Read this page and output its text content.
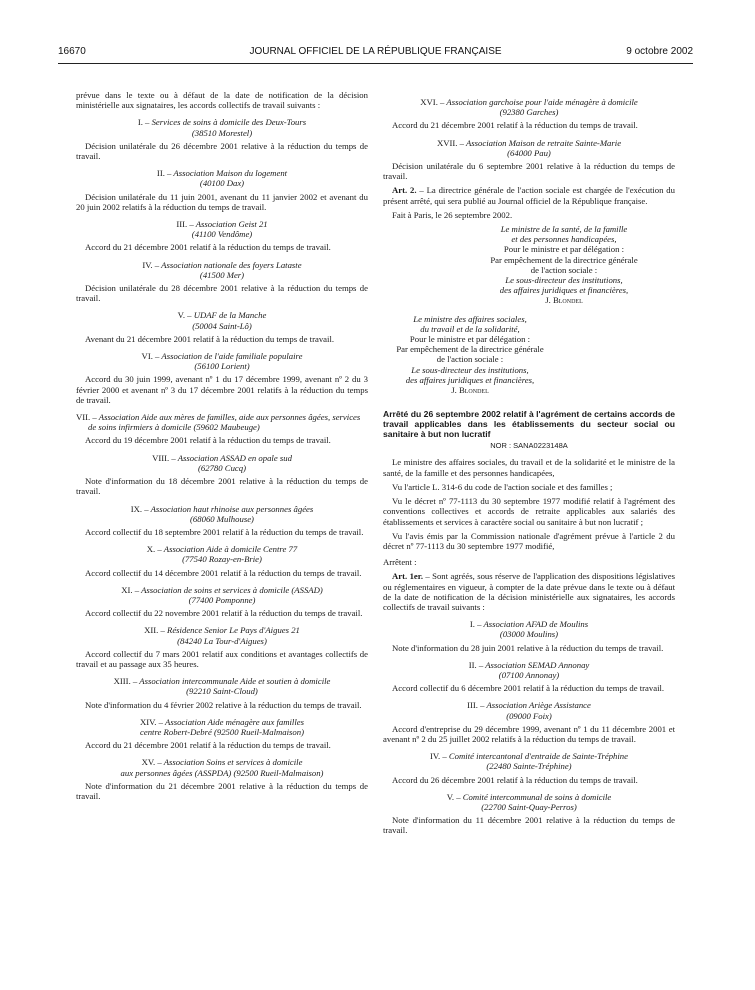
16670	JOURNAL OFFICIEL DE LA RÉPUBLIQUE FRANÇAISE	9 octobre 2002

prévue dans le texte ou à défaut de la date de notification de la décision ministérielle aux signataires, les accords collectifs de travail suivants :

I. – Services de soins à domicile des Deux-Tours
(38510 Morestel)

Décision unilatérale du 26 décembre 2001 relative à la réduction du temps de travail.

II. – Association Maison du logement
(40100 Dax)

Décision unilatérale du 11 juin 2001, avenant du 11 janvier 2002 et avenant du 20 juin 2002 relatifs à la réduction du temps de travail.

III. – Association Geist 21
(41100 Vendôme)

Accord du 21 décembre 2001 relatif à la réduction du temps de travail.

IV. – Association nationale des foyers Lataste
(41500 Mer)

Décision unilatérale du 28 décembre 2001 relative à la réduction du temps de travail.

V. – UDAF de la Manche
(50004 Saint-Lô)

Avenant du 21 décembre 2001 relatif à la réduction du temps de travail.

VI. – Association de l'aide familiale populaire
(56100 Lorient)

Accord du 30 juin 1999, avenant nº 1 du 17 décembre 1999, avenant nº 2 du 3 février 2000 et avenant nº 3 du 17 décembre 2001 relatifs à la réduction du temps de travail.

VII. – Association Aide aux mères de familles, aide aux personnes âgées, services de soins infirmiers à domicile (59602 Maubeuge)

Accord du 19 décembre 2001 relatif à la réduction du temps de travail.

VIII. – Association ASSAD en opale sud
(62780 Cucq)

Note d'information du 18 décembre 2001 relative à la réduction du temps de travail.

IX. – Association haut rhinoise aux personnes âgées
(68060 Mulhouse)

Accord collectif du 18 septembre 2001 relatif à la réduction du temps de travail.

X. – Association Aide à domicile Centre 77
(77540 Rozay-en-Brie)

Accord collectif du 14 décembre 2001 relatif à la réduction du temps de travail.

XI. – Association de soins et services à domicile (ASSAD)
(77400 Pomponne)

Accord collectif du 22 novembre 2001 relatif à la réduction du temps de travail.

XII. – Résidence Senior Le Pays d'Aigues 21
(84240 La Tour-d'Aigues)

Accord collectif du 7 mars 2001 relatif aux conditions et avantages collectifs de travail et au passage aux 35 heures.

XIII. – Association intercommunale Aide et soutien à domicile
(92210 Saint-Cloud)

Note d'information du 4 février 2002 relative à la réduction du temps de travail.

XIV. – Association Aide ménagère aux familles
centre Robert-Debré (92500 Rueil-Malmaison)

Accord du 21 décembre 2001 relatif à la réduction du temps de travail.

XV. – Association Soins et services à domicile
aux personnes âgées (ASSPDA) (92500 Rueil-Malmaison)

Note d'information du 21 décembre 2001 relative à la réduction du temps de travail.

XVI. – Association garchoise pour l'aide ménagère à domicile
(92380 Garches)

Accord du 21 décembre 2001 relatif à la réduction du temps de travail.

XVII. – Association Maison de retraite Sainte-Marie
(64000 Pau)

Décision unilatérale du 6 septembre 2001 relative à la réduction du temps de travail.

Art. 2. – La directrice générale de l'action sociale est chargée de l'exécution du présent arrêté, qui sera publié au Journal officiel de la République française.

Fait à Paris, le 26 septembre 2002.

Le ministre de la santé, de la famille
et des personnes handicapées,
Pour le ministre et par délégation :
Par empêchement de la directrice générale
de l'action sociale :
Le sous-directeur des institutions,
des affaires juridiques et financières,
J. Blondel
Le ministre des affaires sociales,
du travail et de la solidarité,
Pour le ministre et par délégation :
Par empêchement de la directrice générale
de l'action sociale :
Le sous-directeur des institutions,
des affaires juridiques et financières,
J. Blondel
Arrêté du 26 septembre 2002 relatif à l'agrément de certains accords de travail applicables dans les établissements du secteur social ou sanitaire à but non lucratif
NOR : SANA0223148A

Le ministre des affaires sociales, du travail et de la solidarité et le ministre de la santé, de la famille et des personnes handicapées,

Vu l'article L. 314-6 du code de l'action sociale et des familles ;

Vu le décret nº 77-1113 du 30 septembre 1977 modifié relatif à l'agrément des conventions collectives et accords de retraite applicables aux salariés des établissements et services à caractère social ou sanitaire à but non lucratif ;

Vu l'avis émis par la Commission nationale d'agrément prévue à l'article 2 du décret nº 77-1113 du 30 septembre 1977 modifié,

Arrêtent :

Art. 1er. – Sont agréés, sous réserve de l'application des dispositions législatives ou réglementaires en vigueur, à compter de la date prévue dans le texte ou à défaut de la date de notification de la décision ministérielle aux signataires, les accords collectifs de travail suivants :

I. – Association AFAD de Moulins
(03000 Moulins)

Note d'information du 28 juin 2001 relative à la réduction du temps de travail.

II. – Association SEMAD Annonay
(07100 Annonay)

Accord collectif du 6 décembre 2001 relatif à la réduction du temps de travail.

III. – Association Ariège Assistance
(09000 Foix)

Accord d'entreprise du 29 décembre 1999, avenant nº 1 du 11 décembre 2001 et avenant nº 2 du 25 juillet 2002 relatifs à la réduction du temps de travail.

IV. – Comité intercantonal d'entraide de Sainte-Tréphine
(22480 Sainte-Tréphine)

Accord du 26 décembre 2001 relatif à la réduction du temps de travail.

V. – Comité intercommunal de soins à domicile
(22700 Saint-Quay-Perros)

Note d'information du 11 décembre 2001 relative à la réduction du temps de travail.
